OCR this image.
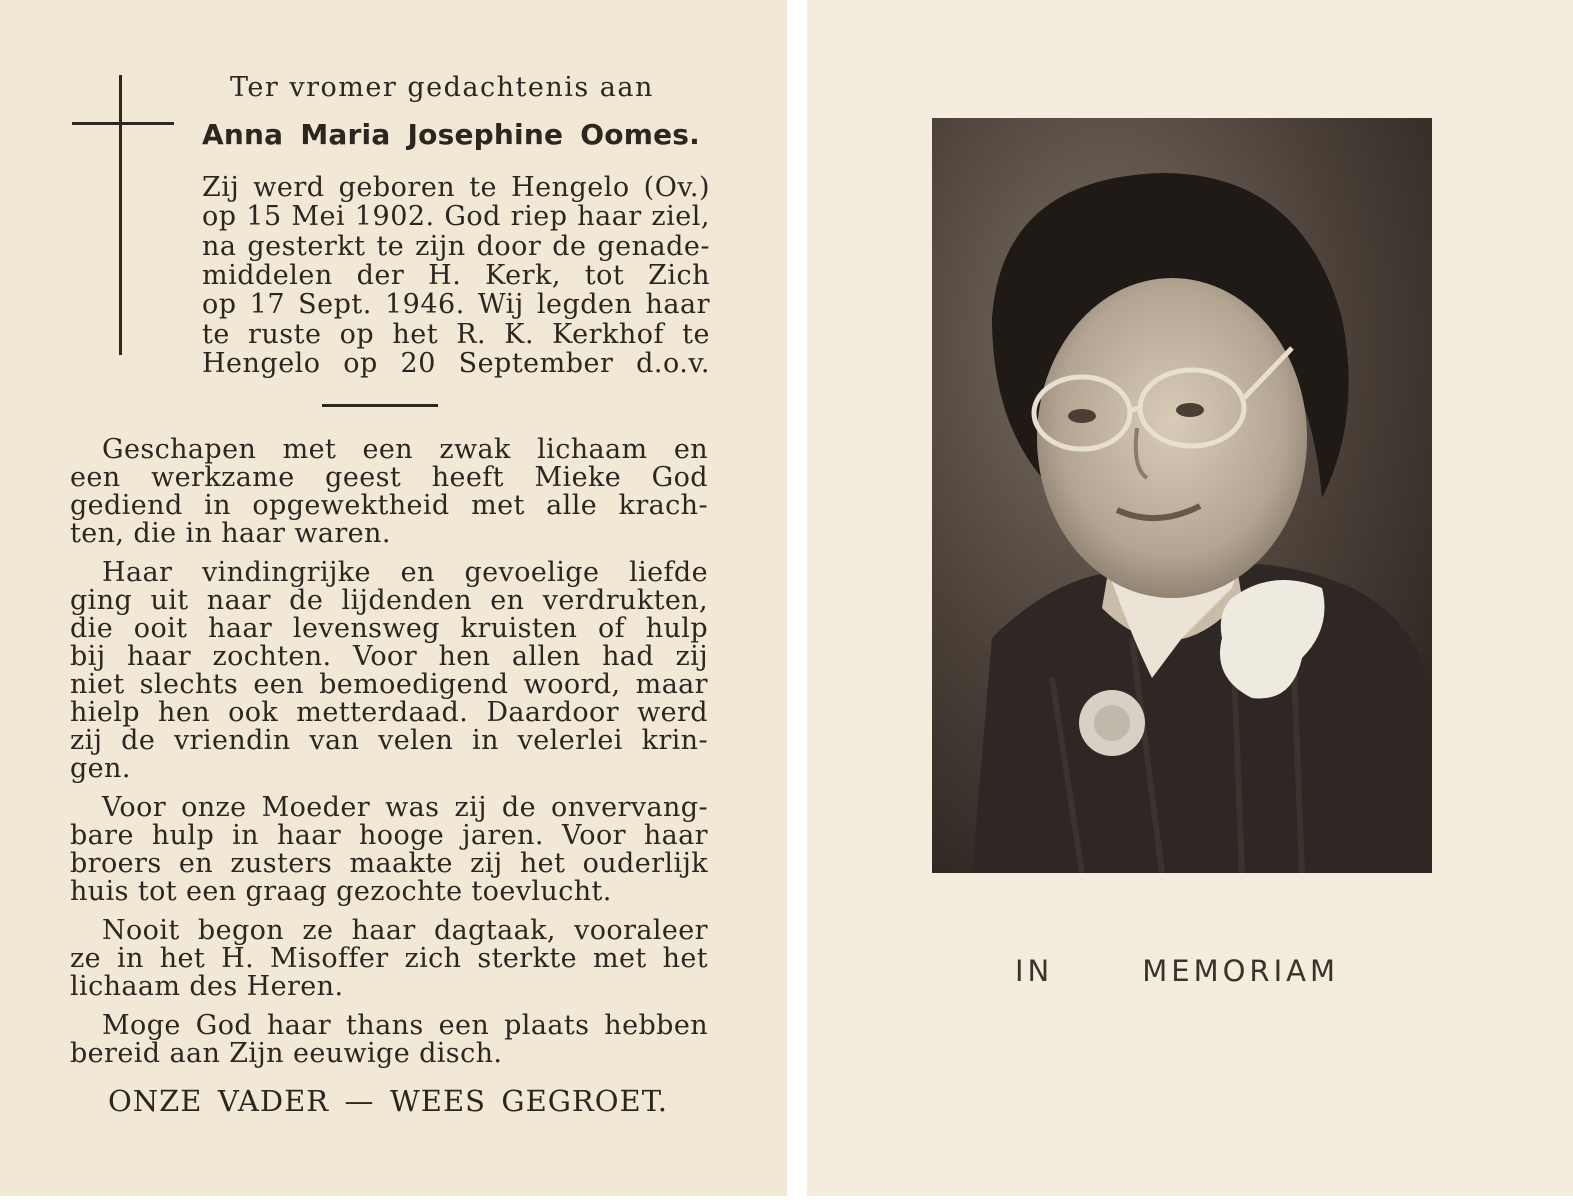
Ter vromer gedachtenis aan
Anna Maria Josephine Oomes.
Zij werd geboren te Hengelo (Ov.)
op 15 Mei 1902. God riep haar ziel,
na gesterkt te zijn door de genade-
middelen der H. Kerk, tot Zich
op 17 Sept. 1946. Wij legden haar
te ruste op het R. K. Kerkhof te
Hengelo op 20 September d.o.v.
Geschapen met een zwak lichaam en
een werkzame geest heeft Mieke God
gediend in opgewektheid met alle krach-
ten, die in haar waren.
Haar vindingrijke en gevoelige liefde
ging uit naar de lijdenden en verdrukten,
die ooit haar levensweg kruisten of hulp
bij haar zochten. Voor hen allen had zij
niet slechts een bemoedigend woord, maar
hielp hen ook metterdaad. Daardoor werd
zij de vriendin van velen in velerlei krin-
gen.
Voor onze Moeder was zij de onvervang-
bare hulp in haar hooge jaren. Voor haar
broers en zusters maakte zij het ouderlijk
huis tot een graag gezochte toevlucht.
Nooit begon ze haar dagtaak, vooraleer
ze in het H. Misoffer zich sterkte met het
lichaam des Heren.
Moge God haar thans een plaats hebben
bereid aan Zijn eeuwige disch.
ONZE VADER — WEES GEGROET.
IN MEMORIAM
